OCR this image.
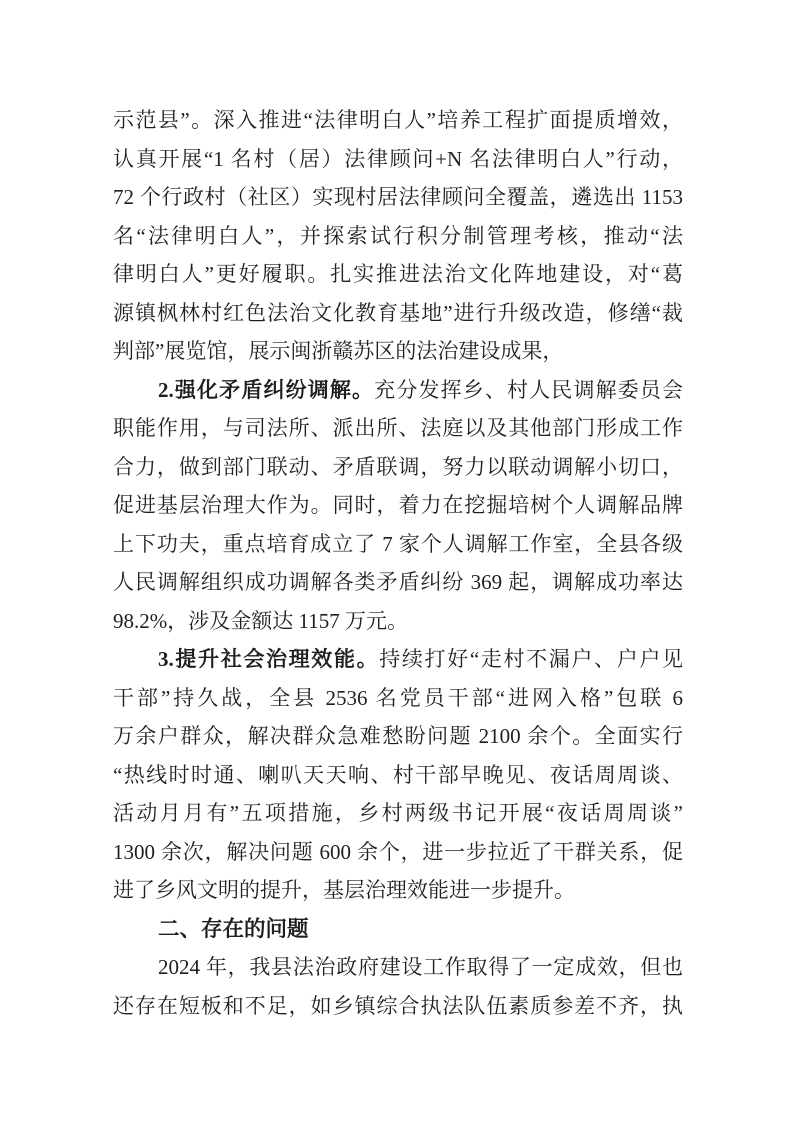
示范县”。深入推进“法律明白人”培养工程扩面提质增效，
认真开展“1 名村（居）法律顾问+N 名法律明白人”行动，
72 个行政村（社区）实现村居法律顾问全覆盖，遴选出 1153
名“法律明白人”，并探索试行积分制管理考核，推动“法
律明白人”更好履职。扎实推进法治文化阵地建设，对“葛
源镇枫林村红色法治文化教育基地”进行升级改造，修缮“裁
判部”展览馆，展示闽浙赣苏区的法治建设成果，
2.强化矛盾纠纷调解。充分发挥乡、村人民调解委员会
职能作用，与司法所、派出所、法庭以及其他部门形成工作
合力，做到部门联动、矛盾联调，努力以联动调解小切口，
促进基层治理大作为。同时，着力在挖掘培树个人调解品牌
上下功夫，重点培育成立了 7 家个人调解工作室，全县各级
人民调解组织成功调解各类矛盾纠纷 369 起，调解成功率达
98.2%，涉及金额达 1157 万元。
3.提升社会治理效能。持续打好“走村不漏户、户户见
干部”持久战，全县 2536 名党员干部“进网入格”包联 6
万余户群众，解决群众急难愁盼问题 2100 余个。全面实行
“热线时时通、喇叭天天响、村干部早晚见、夜话周周谈、
活动月月有”五项措施，乡村两级书记开展“夜话周周谈”
1300 余次，解决问题 600 余个，进一步拉近了干群关系，促
进了乡风文明的提升，基层治理效能进一步提升。
二、存在的问题
2024 年，我县法治政府建设工作取得了一定成效，但也
还存在短板和不足，如乡镇综合执法队伍素质参差不齐，执
